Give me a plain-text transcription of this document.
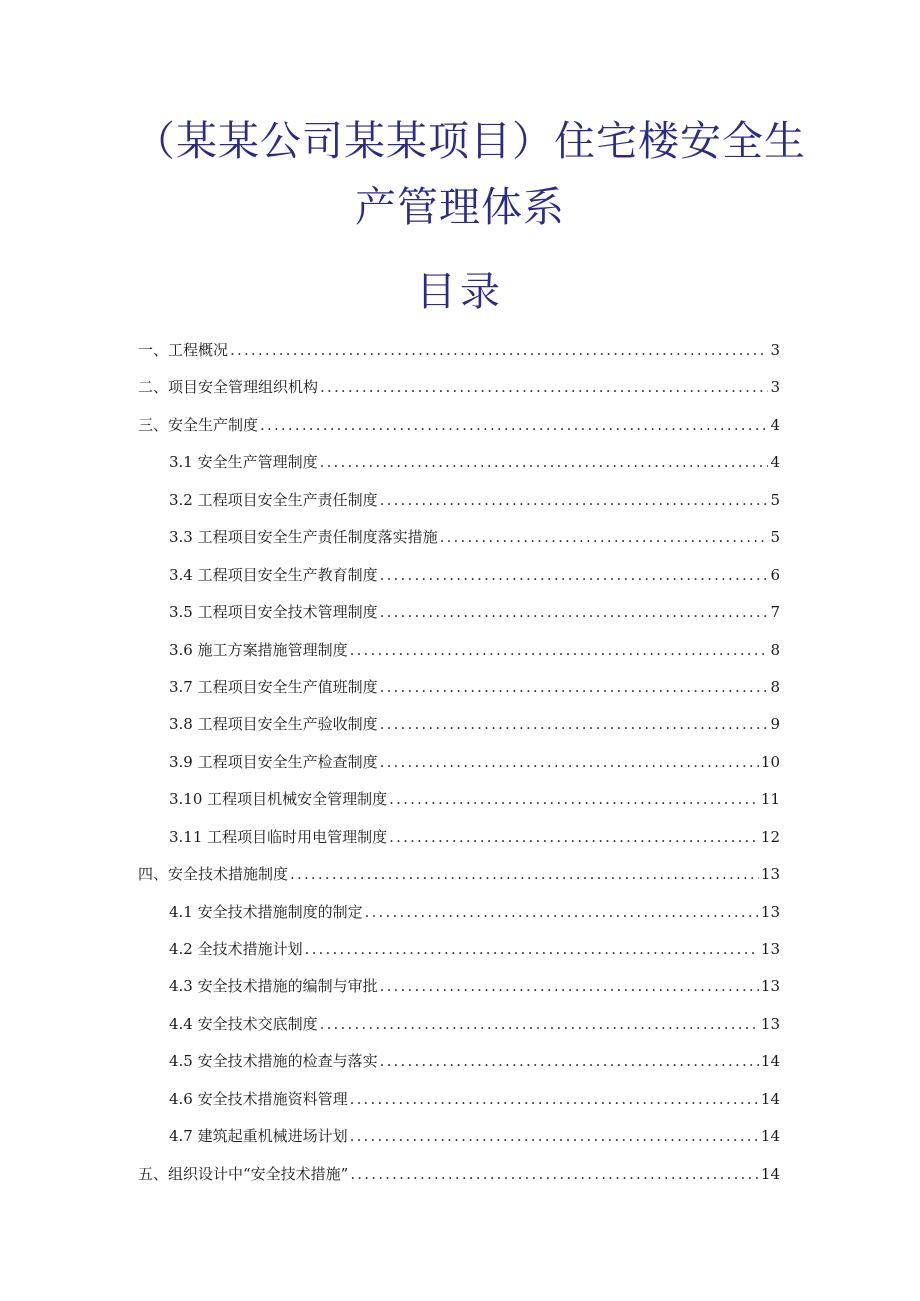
（某某公司某某项目）住宅楼安全生
产管理体系
目录
一、工程概况 .....	3
二、项目安全管理组织机构 .....	3
三、安全生产制度 .....	4
3.1 安全生产管理制度 .....	4
3.2 工程项目安全生产责任制度 .....	5
3.3 工程项目安全生产责任制度落实措施 .....	5
3.4 工程项目安全生产教育制度 .....	6
3.5 工程项目安全技术管理制度 .....	7
3.6 施工方案措施管理制度 .....	8
3.7 工程项目安全生产值班制度 .....	8
3.8 工程项目安全生产验收制度 .....	9
3.9 工程项目安全生产检查制度 .....	10
3.10 工程项目机械安全管理制度 .....	11
3.11 工程项目临时用电管理制度 .....	12
四、安全技术措施制度 .....	13
4.1 安全技术措施制度的制定 .....	13
4.2 全技术措施计划 .....	13
4.3 安全技术措施的编制与审批 .....	13
4.4 安全技术交底制度 .....	13
4.5 安全技术措施的检查与落实 .....	14
4.6 安全技术措施资料管理 .....	14
4.7 建筑起重机械进场计划 .....	14
五、组织设计中“安全技术措施” .....	14
